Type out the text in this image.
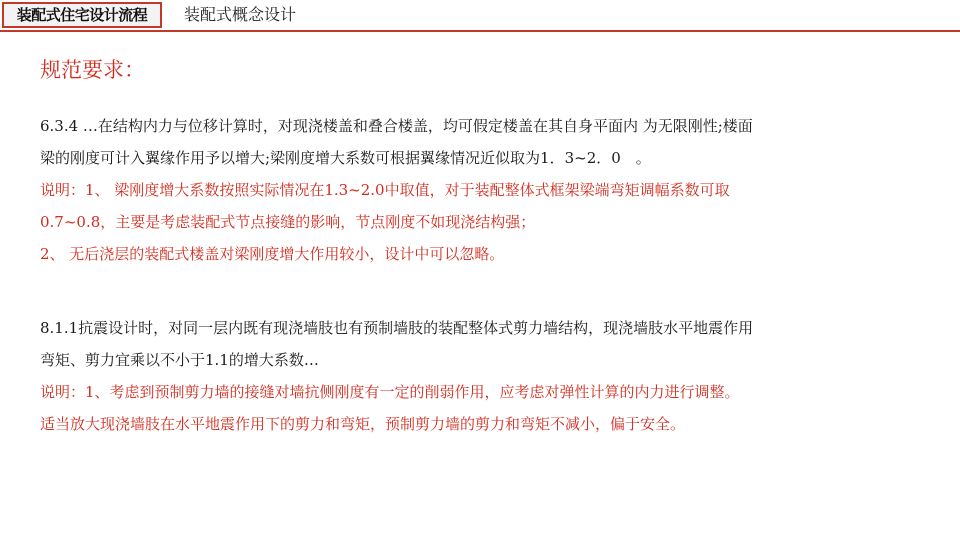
装配式住宅设计流程	装配式概念设计
规范要求：
6.3.4 …在结构内力与位移计算时，对现浇楼盖和叠合楼盖，均可假定楼盖在其自身平面内 为无限刚性;楼面
梁的刚度可计入翼缘作用予以增大;梁刚度增大系数可根据翼缘情况近似取为1．3~2．0　。
说明：1、 梁刚度增大系数按照实际情况在1.3~2.0中取值，对于装配整体式框架梁端弯矩调幅系数可取
0.7~0.8，主要是考虑装配式节点接缝的影响，节点刚度不如现浇结构强；
2、 无后浇层的装配式楼盖对梁刚度增大作用较小，设计中可以忽略。
8.1.1抗震设计时，对同一层内既有现浇墙肢也有预制墙肢的装配整体式剪力墙结构，现浇墙肢水平地震作用
弯矩、剪力宜乘以不小于1.1的增大系数…
说明：1、考虑到预制剪力墙的接缝对墙抗侧刚度有一定的削弱作用，应考虑对弹性计算的内力进行调整。
适当放大现浇墙肢在水平地震作用下的剪力和弯矩，预制剪力墙的剪力和弯矩不减小，偏于安全。
